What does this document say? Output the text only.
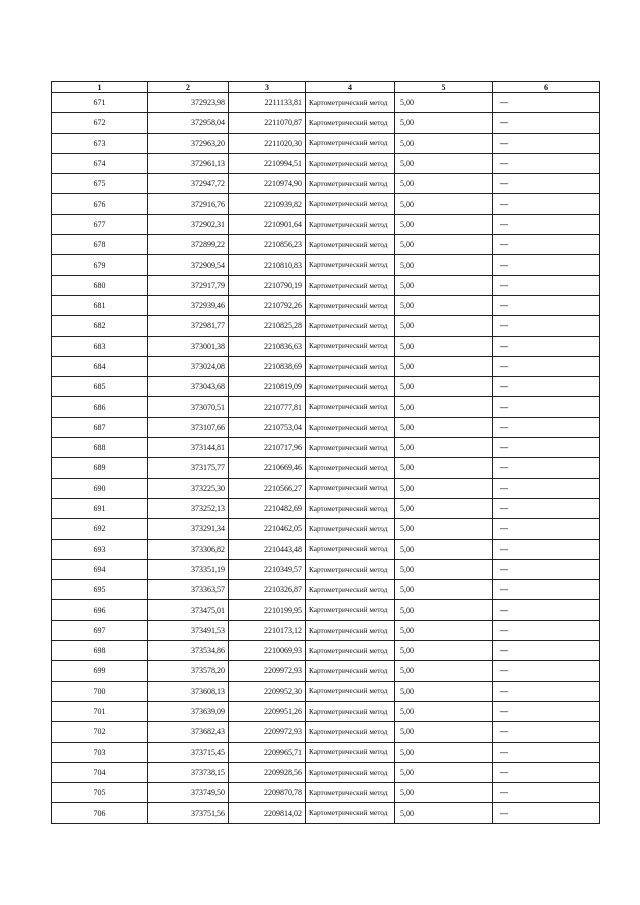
1	2	3	4	5	6
671	372923,98	2211133,81	Картометрический метод	5,00	—
672	372958,04	2211070,87	Картометрический метод	5,00	—
673	372963,20	2211020,30	Картометрический метод	5,00	—
674	372961,13	2210994,51	Картометрический метод	5,00	—
675	372947,72	2210974,90	Картометрический метод	5,00	—
676	372916,76	2210939,82	Картометрический метод	5,00	—
677	372902,31	2210901,64	Картометрический метод	5,00	—
678	372899,22	2210856,23	Картометрический метод	5,00	—
679	372909,54	2210810,83	Картометрический метод	5,00	—
680	372917,79	2210790,19	Картометрический метод	5,00	—
681	372939,46	2210792,26	Картометрический метод	5,00	—
682	372981,77	2210825,28	Картометрический метод	5,00	—
683	373001,38	2210836,63	Картометрический метод	5,00	—
684	373024,08	2210838,69	Картометрический метод	5,00	—
685	373043,68	2210819,09	Картометрический метод	5,00	—
686	373070,51	2210777,81	Картометрический метод	5,00	—
687	373107,66	2210753,04	Картометрический метод	5,00	—
688	373144,81	2210717,96	Картометрический метод	5,00	—
689	373175,77	2210669,46	Картометрический метод	5,00	—
690	373225,30	2210566,27	Картометрический метод	5,00	—
691	373252,13	2210482,69	Картометрический метод	5,00	—
692	373291,34	2210462,05	Картометрический метод	5,00	—
693	373306,82	2210443,48	Картометрический метод	5,00	—
694	373351,19	2210349,57	Картометрический метод	5,00	—
695	373363,57	2210326,87	Картометрический метод	5,00	—
696	373475,01	2210199,95	Картометрический метод	5,00	—
697	373491,53	2210173,12	Картометрический метод	5,00	—
698	373534,86	2210069,93	Картометрический метод	5,00	—
699	373578,20	2209972,93	Картометрический метод	5,00	—
700	373608,13	2209952,30	Картометрический метод	5,00	—
701	373639,09	2209951,26	Картометрический метод	5,00	—
702	373682,43	2209972,93	Картометрический метод	5,00	—
703	373715,45	2209965,71	Картометрический метод	5,00	—
704	373738,15	2209928,56	Картометрический метод	5,00	—
705	373749,50	2209870,78	Картометрический метод	5,00	—
706	373751,56	2209814,02	Картометрический метод	5,00	—
